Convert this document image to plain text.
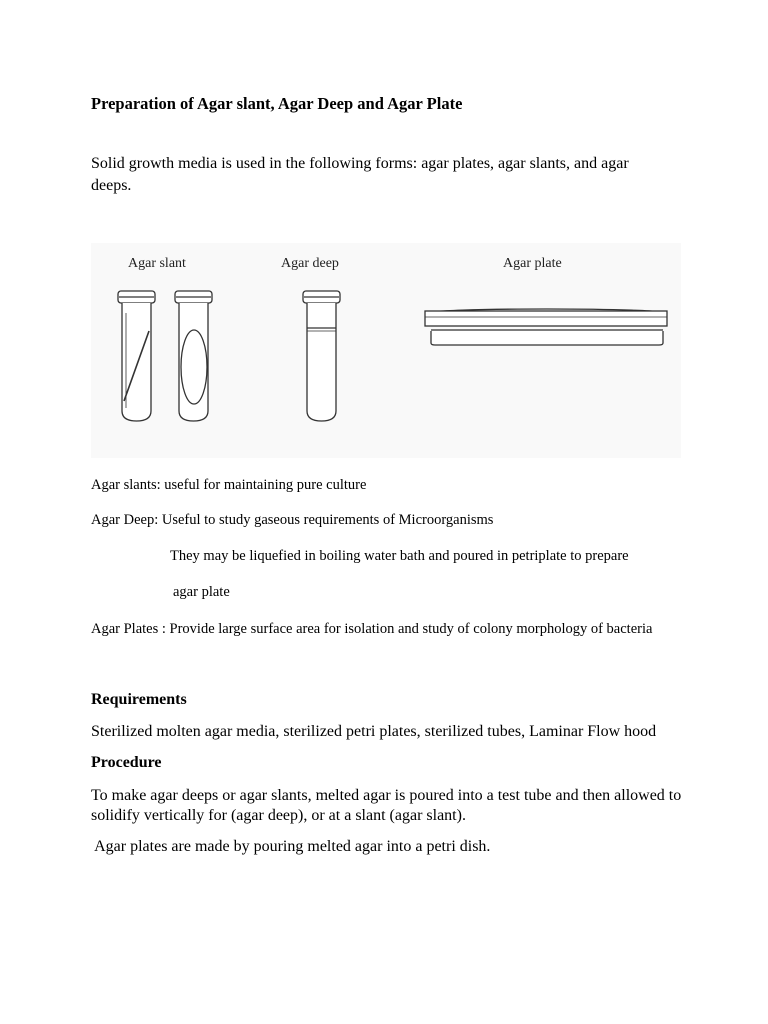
Preparation of Agar slant, Agar Deep and Agar Plate
Solid growth media is used in the following forms: agar plates, agar slants, and agar deeps.
Agar slant	Agar deep	Agar plate
Agar slants: useful for maintaining pure culture
Agar Deep: Useful to study gaseous requirements of Microorganisms
They may be liquefied in boiling water bath and poured in petriplate to prepare
agar plate
Agar Plates : Provide large surface area for isolation and study of colony morphology of bacteria
Requirements
Sterilized molten agar media, sterilized petri plates, sterilized tubes, Laminar Flow hood
Procedure
To make agar deeps or agar slants, melted agar is poured into a test tube and then allowed to solidify vertically for (agar deep), or at a slant (agar slant).
Agar plates are made by pouring melted agar into a petri dish.
